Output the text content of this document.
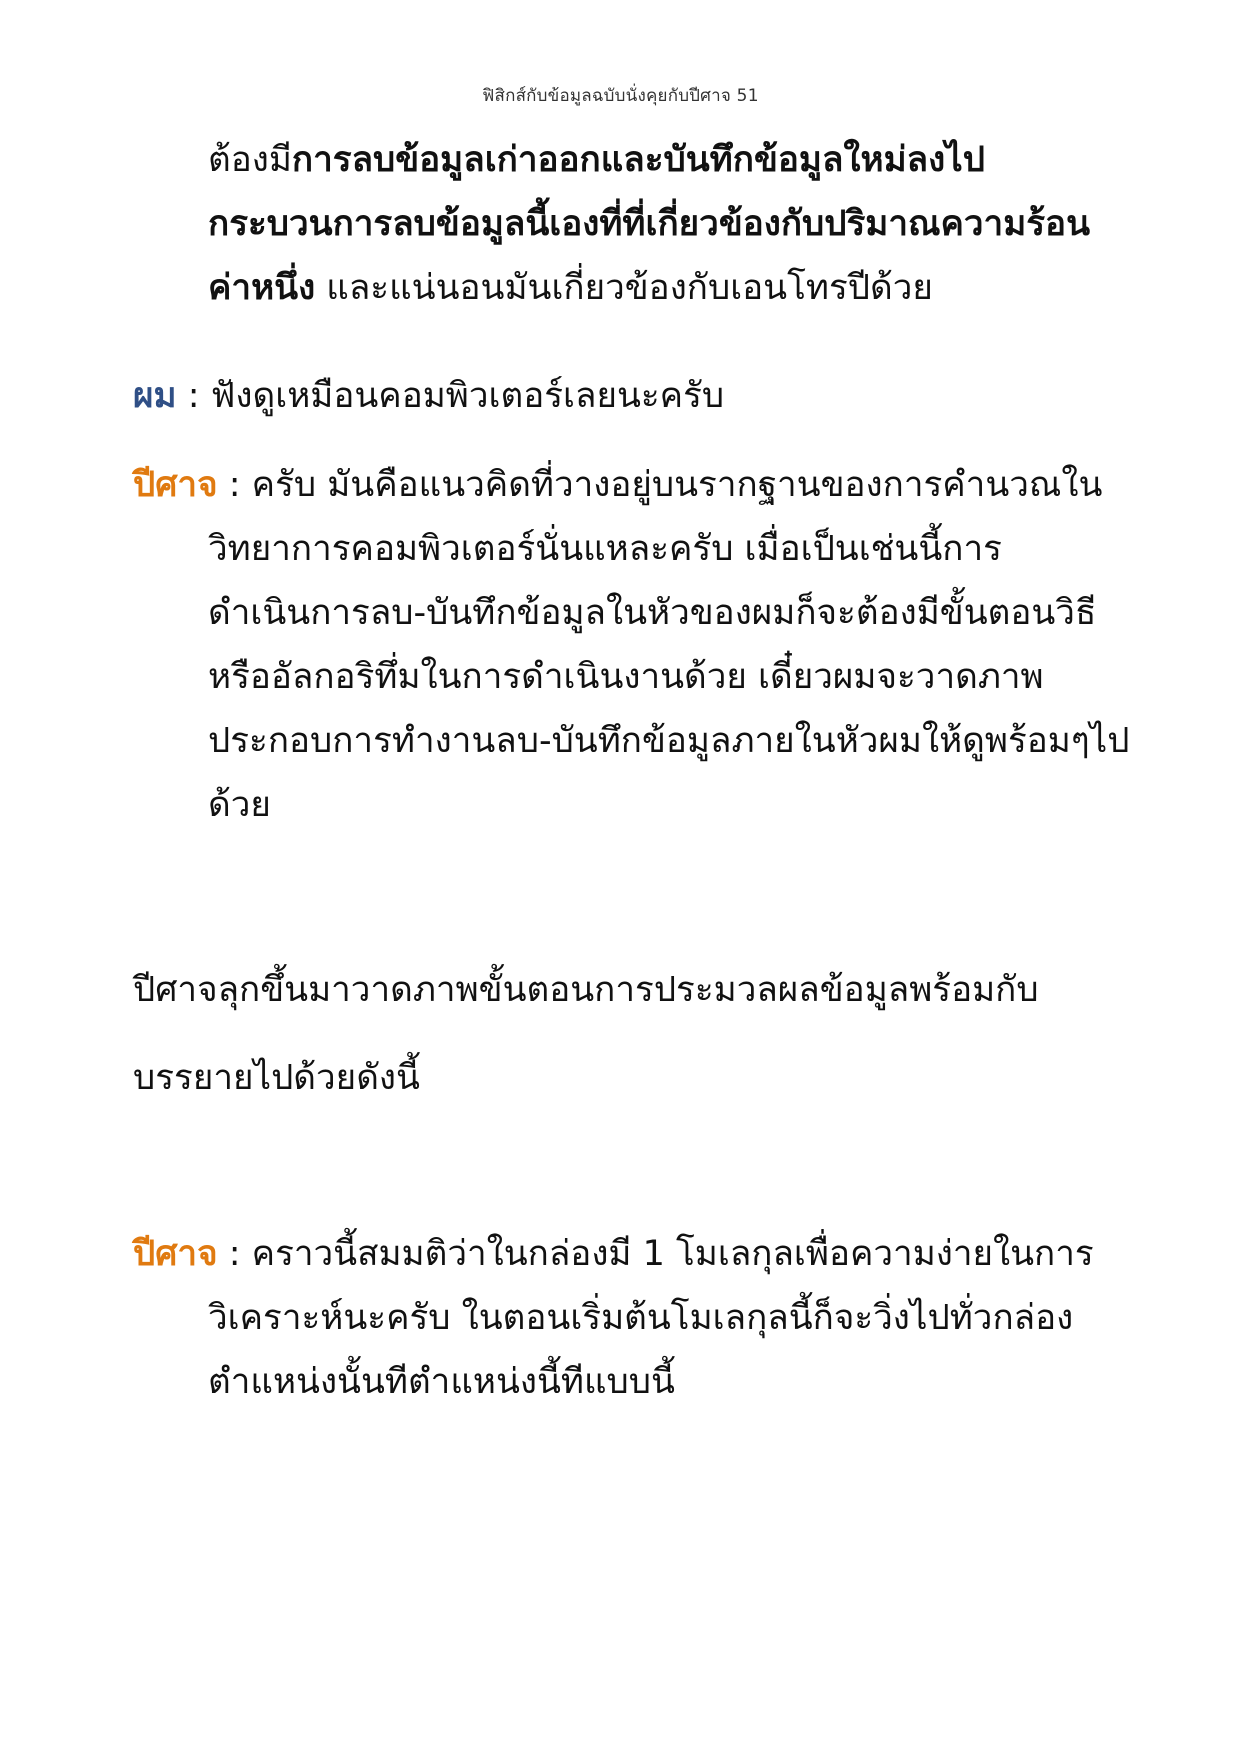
ฟิสิกส์กับข้อมูลฉบับนั่งคุยกับปีศาจ 51
ต้องมีการลบข้อมูลเก่าออกและบันทึกข้อมูลใหม่ลงไป
กระบวนการลบข้อมูลนี้เองที่ที่เกี่ยวข้องกับปริมาณความร้อน
ค่าหนึ่ง และแน่นอนมันเกี่ยวข้องกับเอนโทรปีด้วย
ผม : ฟังดูเหมือนคอมพิวเตอร์เลยนะครับ
ปีศาจ : ครับ มันคือแนวคิดที่วางอยู่บนรากฐานของการคำนวณใน
วิทยาการคอมพิวเตอร์นั่นแหละครับ เมื่อเป็นเช่นนี้การ
ดำเนินการลบ-บันทึกข้อมูลในหัวของผมก็จะต้องมีขั้นตอนวิธี
หรืออัลกอริทึ่มในการดำเนินงานด้วย เดี๋ยวผมจะวาดภาพ
ประกอบการทำงานลบ-บันทึกข้อมูลภายในหัวผมให้ดูพร้อมๆไป
ด้วย
ปีศาจลุกขึ้นมาวาดภาพขั้นตอนการประมวลผลข้อมูลพร้อมกับ
บรรยายไปด้วยดังนี้
ปีศาจ : คราวนี้สมมติว่าในกล่องมี 1 โมเลกุลเพื่อความง่ายในการ
วิเคราะห์นะครับ ในตอนเริ่มต้นโมเลกุลนี้ก็จะวิ่งไปทั่วกล่อง
ตำแหน่งนั้นทีตำแหน่งนี้ทีแบบนี้
